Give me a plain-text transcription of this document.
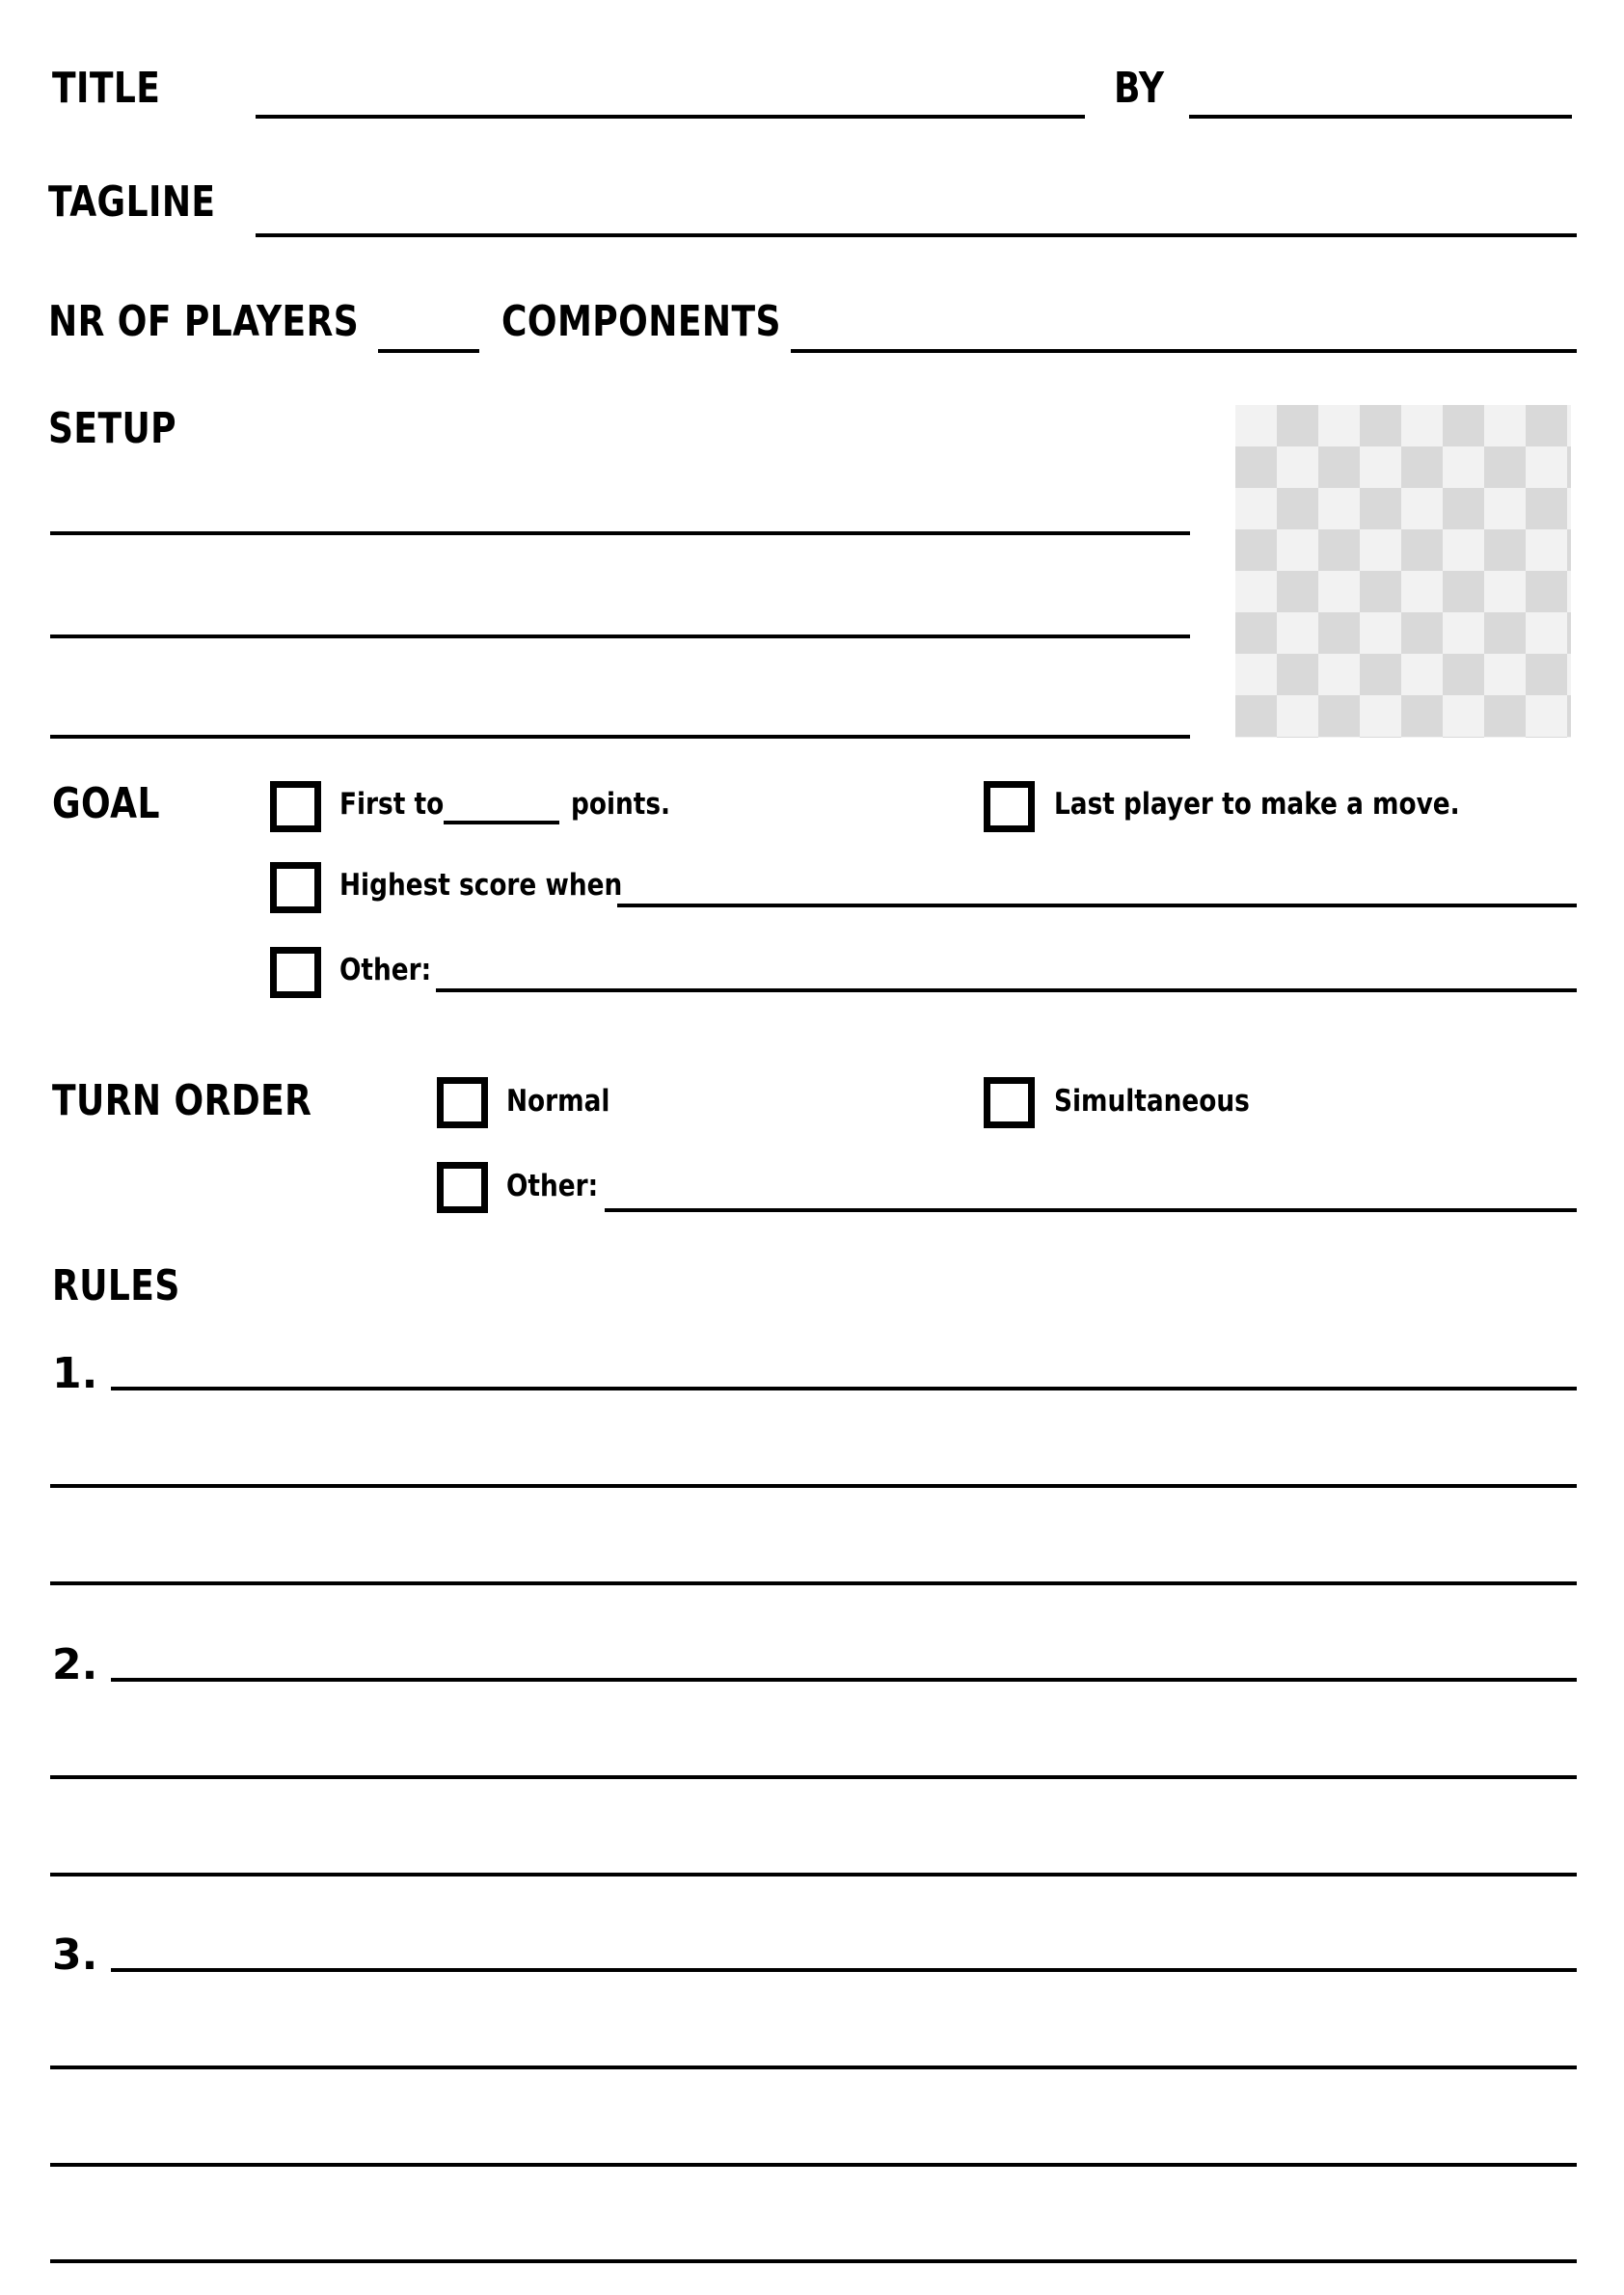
TITLE	BY
TAGLINE
NR OF PLAYERS	COMPONENTS
SETUP
GOAL	First to	points.	Last player to make a move.
Highest score when
Other:
TURN ORDER	Normal	Simultaneous
Other:
RULES
1.
2.
3.
